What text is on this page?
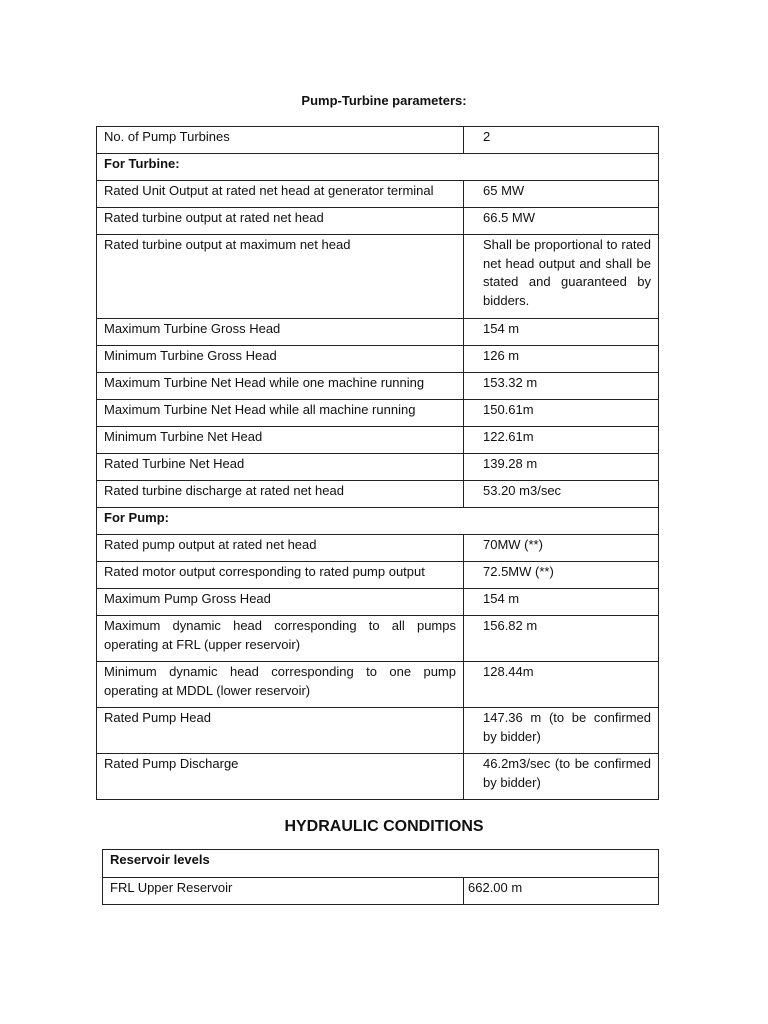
Pump-Turbine parameters:
No. of Pump Turbines	2
For Turbine:	
Rated Unit Output at rated net head at generator terminal	65 MW
Rated turbine output at rated net head	66.5 MW
Rated turbine output at maximum net head	Shall be proportional to rated net head output and shall be stated and guaranteed by bidders.
Maximum Turbine Gross Head	154 m
Minimum Turbine Gross Head	126 m
Maximum Turbine Net Head while one machine running	153.32 m
Maximum Turbine Net Head while all machine running	150.61m
Minimum Turbine Net Head	122.61m
Rated Turbine Net Head	139.28 m
Rated turbine discharge at rated net head	53.20 m3/sec
For Pump:	
Rated pump output at rated net head	70MW (**)
Rated motor output corresponding to rated pump output	72.5MW (**)
Maximum Pump Gross Head	154 m
Maximum dynamic head corresponding to all pumps operating at FRL (upper reservoir)	156.82 m
Minimum dynamic head corresponding to one pump operating at MDDL (lower reservoir)	128.44m
Rated Pump Head	147.36 m (to be confirmed by bidder)
Rated Pump Discharge	46.2m3/sec (to be confirmed by bidder)
HYDRAULIC CONDITIONS
Reservoir levels
FRL Upper Reservoir	662.00 m
